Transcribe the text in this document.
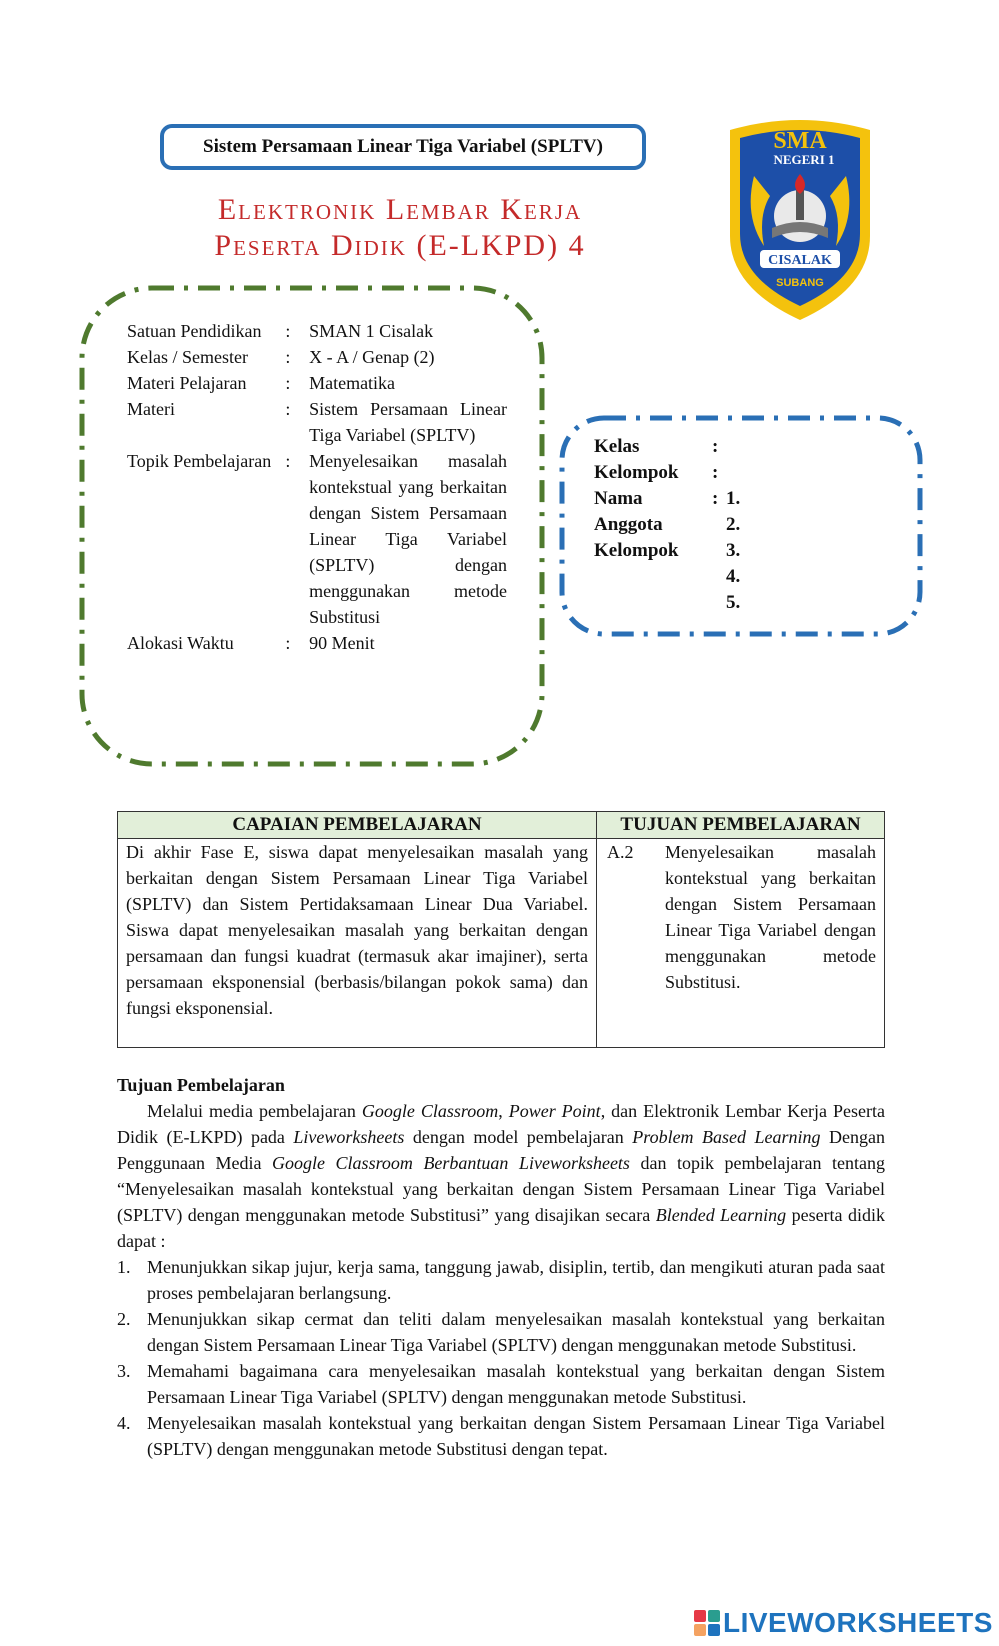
Sistem Persamaan Linear Tiga Variabel (SPLTV)
Elektronik Lembar Kerja
Peserta Didik (E-LKPD) 4
SMA
NEGERI 1
CISALAK
SUBANG
Satuan Pendidikan	:	SMAN 1 Cisalak
Kelas / Semester	:	X - A / Genap (2)
Materi Pelajaran	:	Matematika
Materi	:	Sistem Persamaan Linear Tiga Variabel (SPLTV)
Topik Pembelajaran :	Menyelesaikan masalah kontekstual yang berkaitan dengan Sistem Persamaan Linear Tiga Variabel (SPLTV) dengan menggunakan metode Substitusi
Alokasi Waktu	:	90 Menit
Kelas	:
Kelompok	:
Nama	: 1.
Anggota	2.
Kelompok	3.
4.
5.
CAPAIAN PEMBELAJARAN	TUJUAN PEMBELAJARAN
Di akhir Fase E, siswa dapat menyelesaikan masalah yang berkaitan dengan Sistem Persamaan Linear Tiga Variabel (SPLTV) dan Sistem Pertidaksamaan Linear Dua Variabel. Siswa dapat menyelesaikan masalah yang berkaitan dengan persamaan dan fungsi kuadrat (termasuk akar imajiner), serta persamaan eksponensial (berbasis/bilangan pokok sama) dan fungsi eksponensial.	A.2 Menyelesaikan masalah kontekstual yang berkaitan dengan Sistem Persamaan Linear Tiga Variabel dengan menggunakan metode Substitusi.
Tujuan Pembelajaran

Melalui media pembelajaran Google Classroom, Power Point, dan Elektronik Lembar Kerja Peserta Didik (E-LKPD) pada Liveworksheets dengan model pembelajaran Problem Based Learning Dengan Penggunaan Media Google Classroom Berbantuan Liveworksheets dan topik pembelajaran tentang “Menyelesaikan masalah kontekstual yang berkaitan dengan Sistem Persamaan Linear Tiga Variabel (SPLTV) dengan menggunakan metode Substitusi” yang disajikan secara Blended Learning peserta didik dapat :

1. Menunjukkan sikap jujur, kerja sama, tanggung jawab, disiplin, tertib, dan mengikuti aturan pada saat proses pembelajaran berlangsung.
2. Menunjukkan sikap cermat dan teliti dalam menyelesaikan masalah kontekstual yang berkaitan dengan Sistem Persamaan Linear Tiga Variabel (SPLTV) dengan menggunakan metode Substitusi.
3. Memahami bagaimana cara menyelesaikan masalah kontekstual yang berkaitan dengan Sistem Persamaan Linear Tiga Variabel (SPLTV) dengan menggunakan metode Substitusi.
4. Menyelesaikan masalah kontekstual yang berkaitan dengan Sistem Persamaan Linear Tiga Variabel (SPLTV) dengan menggunakan metode Substitusi dengan tepat.
LIVEWORKSHEETS
